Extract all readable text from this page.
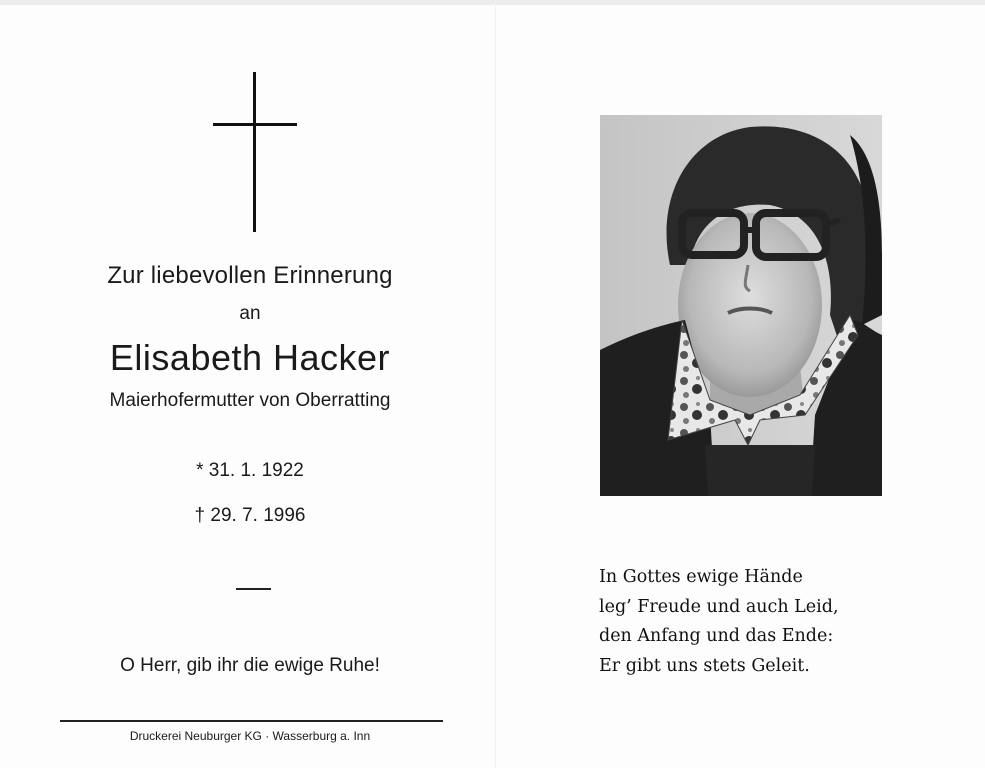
Zur liebevollen Erinnerung
an
Elisabeth Hacker
Maierhofermutter von Oberratting
* 31. 1. 1922
† 29. 7. 1996
O Herr, gib ihr die ewige Ruhe!
Druckerei Neuburger KG · Wasserburg a. Inn
In Gottes ewige Hände
leg’ Freude und auch Leid,
den Anfang und das Ende:
Er gibt uns stets Geleit.
